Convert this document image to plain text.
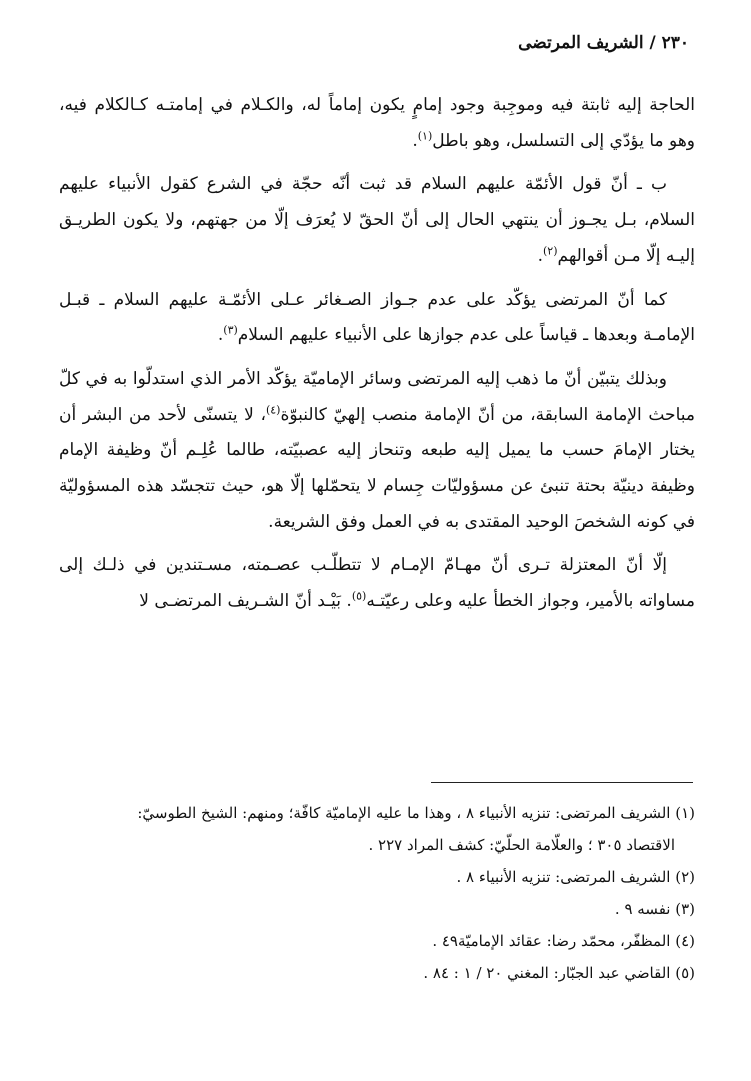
٢٣٠ / الشريف المرتضى

الحاجة إليه ثابتة فيه وموجِبة وجود إمامٍ يكون إماماً له، والكـلام في إمامتـه كـالكلام فيه، وهو ما يؤدّي إلى التسلسل، وهو باطل$^{(١)}$.

ب ـ أنّ قول الأئمّة عليهم السلام قد ثبت أنّه حجّة في الشرع كقول الأنبياء عليهم السلام، بـل يجـوز أن ينتهي الحال إلى أنّ الحقّ لا يُعرَف إلّا من جهتهم، ولا يكون الطريـق إليـه إلّا مـن أقوالهم$^{(٢)}$.

كما أنّ المرتضى يؤكّد على عدم جـواز الصـغائر عـلى الأئمّـة عليهم السلام ـ قبـل الإمامـة وبعدها ـ قياساً على عدم جوازها على الأنبياء عليهم السلام$^{(٣)}$.

وبذلك يتبيّن أنّ ما ذهب إليه المرتضى وسائر الإماميّة يؤكّد الأمر الذي استدلّوا به في كلّ مباحث الإمامة السابقة، من أنّ الإمامة منصب إلهيّ كالنبوّة$^{(٤)}$، لا يتسنّى لأحد من البشر أن يختار الإمامَ حسب ما يميل إليه طبعه وتنحاز إليه عصبيّته، طالما عُلِـم أنّ وظيفة الإمام وظيفة دينيّة بحتة تنبئ عن مسؤوليّات جِسام لا يتحمّلها إلّا هو، حيث تتجسّد هذه المسؤوليّة في كونه الشخصَ الوحيد المقتدى به في العمل وفق الشريعة.

إلّا أنّ المعتزلة تـرى أنّ مهـامّ الإمـام لا تتطلّـب عصـمته، مسـتندين في ذلـك إلى مساواته بالأمير، وجواز الخطأ عليه وعلى رعيّتـه$^{(٥)}$. بَيْـد أنّ الشـريف المرتضـى لا

(١) الشريف المرتضى: تنزيه الأنبياء ٨ ، وهذا ما عليه الإماميّة كافّة؛ ومنهم: الشيخ الطوسيّ:

الاقتصاد ٣٠٥ ؛ والعلّامة الحلّيّ: كشف المراد ٢٢٧ .

(٢) الشريف المرتضى: تنزيه الأنبياء ٨ .

(٣) نفسه ٩ .

(٤) المظفّر، محمّد رضا: عقائد الإماميّة٤٩ .

(٥) القاضي عبد الجبّار: المغني ٢٠ / ١ : ٨٤ .
